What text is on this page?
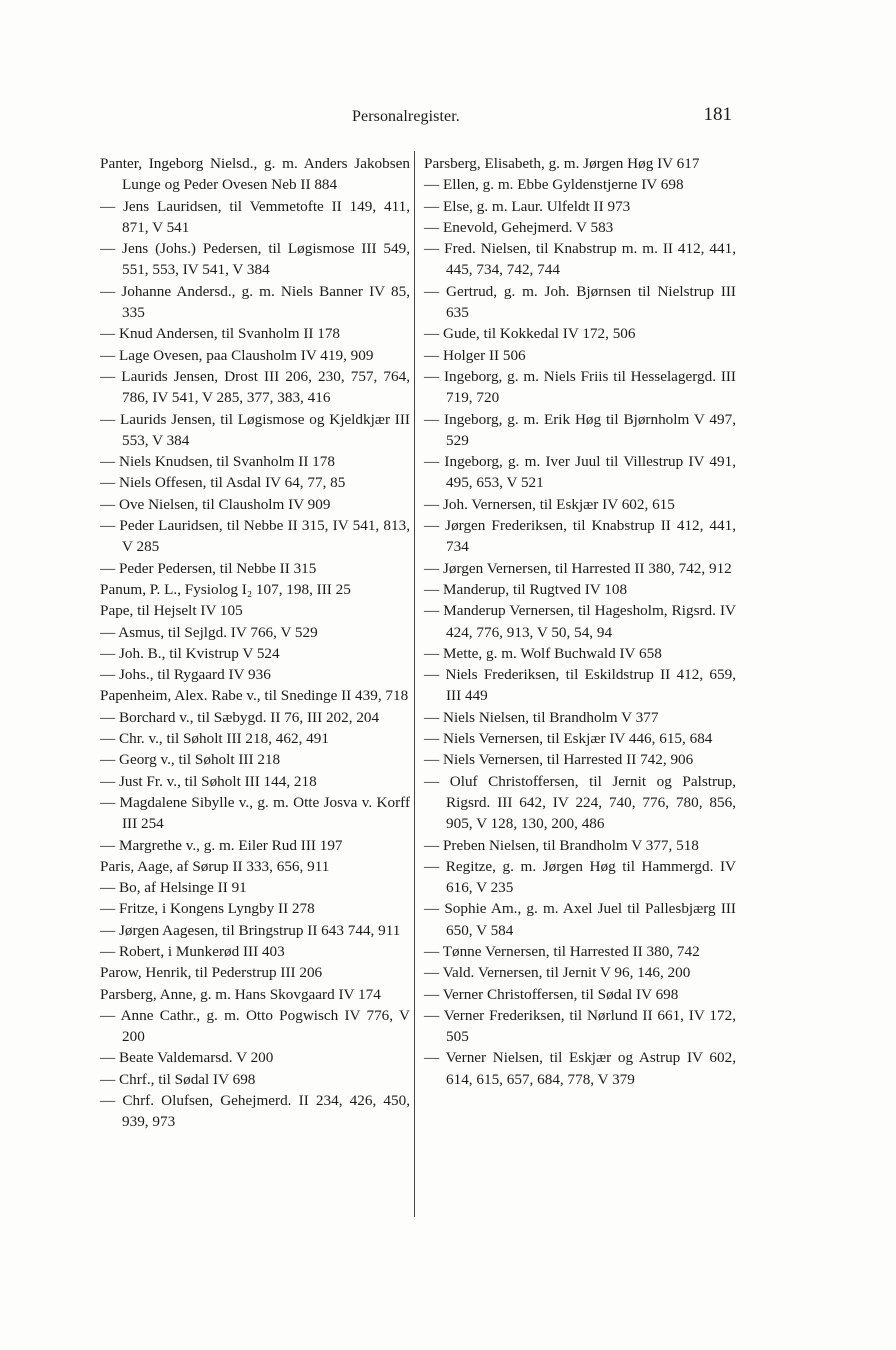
Personalregister.	181
Panter, Ingeborg Nielsd., g. m. Anders Jakobsen Lunge og Peder Ovesen Neb II 884
— Jens Lauridsen, til Vemmetofte II 149, 411, 871, V 541
— Jens (Johs.) Pedersen, til Løgismose III 549, 551, 553, IV 541, V 384
— Johanne Andersd., g. m. Niels Banner IV 85, 335
— Knud Andersen, til Svanholm II 178
— Lage Ovesen, paa Clausholm IV 419, 909
— Laurids Jensen, Drost III 206, 230, 757, 764, 786, IV 541, V 285, 377, 383, 416
— Laurids Jensen, til Løgismose og Kjeldkjær III 553, V 384
— Niels Knudsen, til Svanholm II 178
— Niels Offesen, til Asdal IV 64, 77, 85
— Ove Nielsen, til Clausholm IV 909
— Peder Lauridsen, til Nebbe II 315, IV 541, 813, V 285
— Peder Pedersen, til Nebbe II 315
Panum, P. L., Fysiolog I₂ 107, 198, III 25
Pape, til Hejselt IV 105
— Asmus, til Sejlgd. IV 766, V 529
— Joh. B., til Kvistrup V 524
— Johs., til Rygaard IV 936
Papenheim, Alex. Rabe v., til Snedinge II 439, 718
— Borchard v., til Sæbygd. II 76, III 202, 204
— Chr. v., til Søholt III 218, 462, 491
— Georg v., til Søholt III 218
— Just Fr. v., til Søholt III 144, 218
— Magdalene Sibylle v., g. m. Otte Josva v. Korff III 254
— Margrethe v., g. m. Eiler Rud III 197
Paris, Aage, af Sørup II 333, 656, 911
— Bo, af Helsinge II 91
— Fritze, i Kongens Lyngby II 278
— Jørgen Aagesen, til Bringstrup II 643 744, 911
— Robert, i Munkerød III 403
Parow, Henrik, til Pederstrup III 206
Parsberg, Anne, g. m. Hans Skovgaard IV 174
— Anne Cathr., g. m. Otto Pogwisch IV 776, V 200
— Beate Valdemarsd. V 200
— Chrf., til Sødal IV 698
— Chrf. Olufsen, Gehejmerd. II 234, 426, 450, 939, 973
Parsberg, Elisabeth, g. m. Jørgen Høg IV 617
— Ellen, g. m. Ebbe Gyldenstjerne IV 698
— Else, g. m. Laur. Ulfeldt II 973
— Enevold, Gehejmerd. V 583
— Fred. Nielsen, til Knabstrup m. m. II 412, 441, 445, 734, 742, 744
— Gertrud, g. m. Joh. Bjørnsen til Nielstrup III 635
— Gude, til Kokkedal IV 172, 506
— Holger II 506
— Ingeborg, g. m. Niels Friis til Hesselagergd. III 719, 720
— Ingeborg, g. m. Erik Høg til Bjørnholm V 497, 529
— Ingeborg, g. m. Iver Juul til Villestrup IV 491, 495, 653, V 521
— Joh. Vernersen, til Eskjær IV 602, 615
— Jørgen Frederiksen, til Knabstrup II 412, 441, 734
— Jørgen Vernersen, til Harrested II 380, 742, 912
— Manderup, til Rugtved IV 108
— Manderup Vernersen, til Hagesholm, Rigsrd. IV 424, 776, 913, V 50, 54, 94
— Mette, g. m. Wolf Buchwald IV 658
— Niels Frederiksen, til Eskildstrup II 412, 659, III 449
— Niels Nielsen, til Brandholm V 377
— Niels Vernersen, til Eskjær IV 446, 615, 684
— Niels Vernersen, til Harrested II 742, 906
— Oluf Christoffersen, til Jernit og Palstrup, Rigsrd. III 642, IV 224, 740, 776, 780, 856, 905, V 128, 130, 200, 486
— Preben Nielsen, til Brandholm V 377, 518
— Regitze, g. m. Jørgen Høg til Hammergd. IV 616, V 235
— Sophie Am., g. m. Axel Juel til Pallesbjærg III 650, V 584
— Tønne Vernersen, til Harrested II 380, 742
— Vald. Vernersen, til Jernit V 96, 146, 200
— Verner Christoffersen, til Sødal IV 698
— Verner Frederiksen, til Nørlund II 661, IV 172, 505
— Verner Nielsen, til Eskjær og Astrup IV 602, 614, 615, 657, 684, 778, V 379
